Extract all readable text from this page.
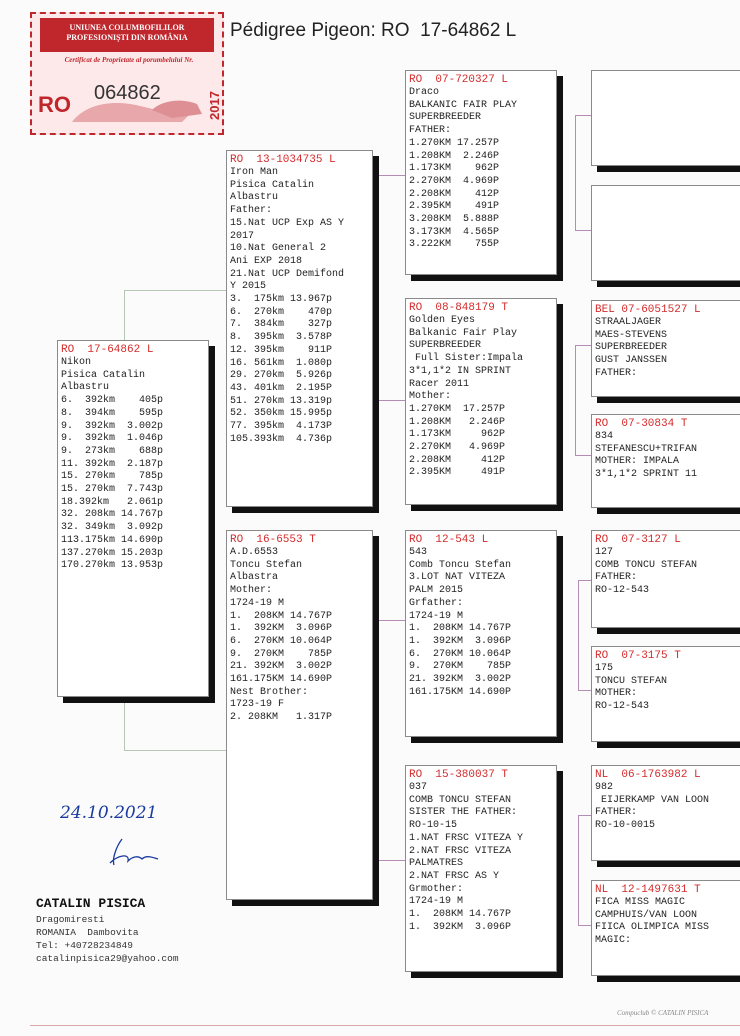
Pédigree Pigeon: RO  17-64862 L
UNIUNEA COLUMBOFILILOR
PROFESIONIȘTI DIN ROMÂNIA
Certificat de Proprietate al porumbelului Nr.
RO 064862	2017
RO  17-64862 L
Nikon
Pisica Catalin
Albastru
6.  392km    405p
8.  394km    595p
9.  392km  3.002p
9.  392km  1.046p
9.  273km    688p
11. 392km  2.187p
15. 270km    785p
15. 270km  7.743p
18.392km   2.061p
32. 208km 14.767p
32. 349km  3.092p
113.175km 14.690p
137.270km 15.203p
170.270km 13.953p
RO  13-1034735 L
Iron Man
Pisica Catalin
Albastru
Father:
15.Nat UCP Exp AS Y
2017
10.Nat General 2
Ani EXP 2018
21.Nat UCP Demifond
Y 2015
3.  175km 13.967p
6.  270km    470p
7.  384km    327p
8.  395km  3.578P
12. 395km    911P
16. 561km  1.080p
29. 270km  5.926p
43. 401km  2.195P
51. 270km 13.319p
52. 350km 15.995p
77. 395km  4.173P
105.393km  4.736p
RO  16-6553 T
A.D.6553
Toncu Stefan
Albastra
Mother:
1724-19 M
1.  208KM 14.767P
1.  392KM  3.096P
6.  270KM 10.064P
9.  270KM    785P
21. 392KM  3.002P
161.175KM 14.690P
Nest Brother:
1723-19 F
2. 208KM   1.317P
RO  07-720327 L
Draco
BALKANIC FAIR PLAY
SUPERBREEDER
FATHER:
1.270KM 17.257P
1.208KM  2.246P
1.173KM    962P
2.270KM  4.969P
2.208KM    412P
2.395KM    491P
3.208KM  5.888P
3.173KM  4.565P
3.222KM    755P
RO  08-848179 T
Golden Eyes
Balkanic Fair Play
SUPERBREEDER
Full Sister:Impala
3*1,1*2 IN SPRINT
Racer 2011
Mother:
1.270KM  17.257P
1.208KM   2.246P
1.173KM     962P
2.270KM   4.969P
2.208KM     412P
2.395KM     491P
RO  12-543 L
543
Comb Toncu Stefan
3.LOT NAT VITEZA
PALM 2015
Grfather:
1724-19 M
1.  208KM 14.767P
1.  392KM  3.096P
6.  270KM 10.064P
9.  270KM    785P
21. 392KM  3.002P
161.175KM 14.690P
RO  15-380037 T
037
COMB TONCU STEFAN
SISTER THE FATHER:
RO-10-15
1.NAT FRSC VITEZA Y
2.NAT FRSC VITEZA
PALMATRES
2.NAT FRSC AS Y
Grmother:
1724-19 M
1.  208KM 14.767P
1.  392KM  3.096P
BEL 07-6051527 L
STRAALJAGER
MAES-STEVENS
SUPERBREEDER
GUST JANSSEN
FATHER:
RO  07-30834 T
834
STEFANESCU+TRIFAN
MOTHER: IMPALA
3*1,1*2 SPRINT 11
RO  07-3127 L
127
COMB TONCU STEFAN
FATHER:
RO-12-543
RO  07-3175 T
175
TONCU STEFAN
MOTHER:
RO-12-543
NL  06-1763982 L
982
EIJERKAMP VAN LOON
FATHER:
RO-10-0015
NL  12-1497631 T
FICA MISS MAGIC
CAMPHUIS/VAN LOON
FIICA OLIMPICA MISS
MAGIC:
24.10.2021
CATALIN PISICA
Dragomiresti
ROMANIA  Dambovita
Tel: +40728234849
catalinpisica29@yahoo.com
Compuclub © CATALIN PISICA
